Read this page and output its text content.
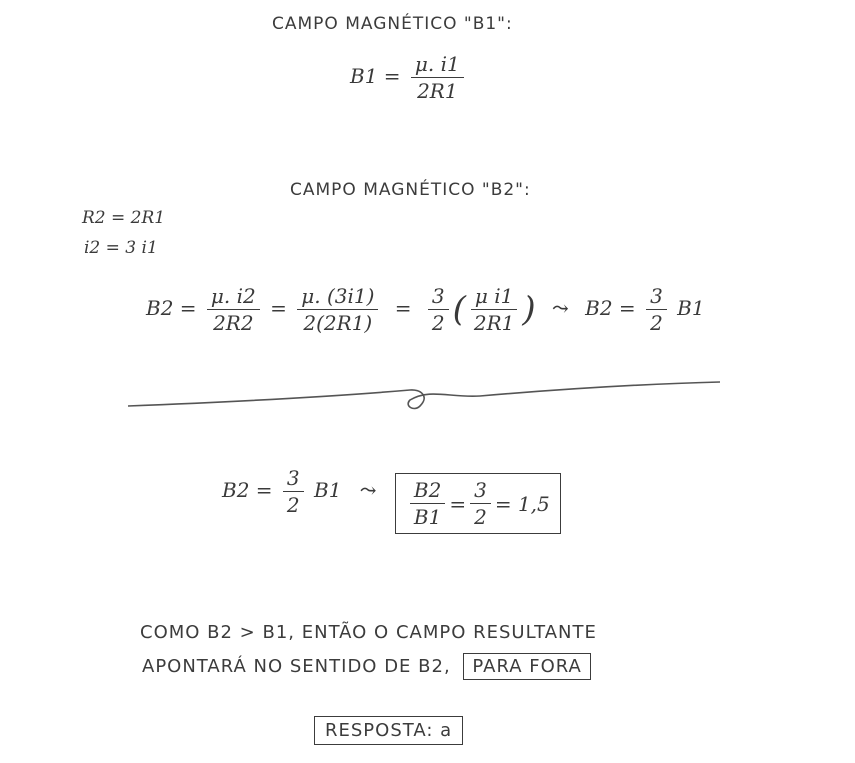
CAMPO MAGNÉTICO "B1":
$B1 = \frac{\mu. i1}{2R1}$
CAMPO MAGNÉTICO "B2":
R2 = 2R1
i2 = 3 i1
$B2 = \frac{\mu. i2}{2R2} = \frac{\mu. (3i1)}{2(2R1)} = \frac{3}{2}$ ( $\frac{\text{μ i1}}{2R1}$ ) ⤳ $B2 = \frac{3}{2} B1$
$B2 = \frac{3}{2} B1$ ⤳ $\frac{B2}{B1} = \frac{3}{2} = 1,5$
COMO B2 > B1, ENTÃO O CAMPO RESULTANTE
APONTARÁ NO SENTIDO DE B2, PARA FORA
RESPOSTA: a
